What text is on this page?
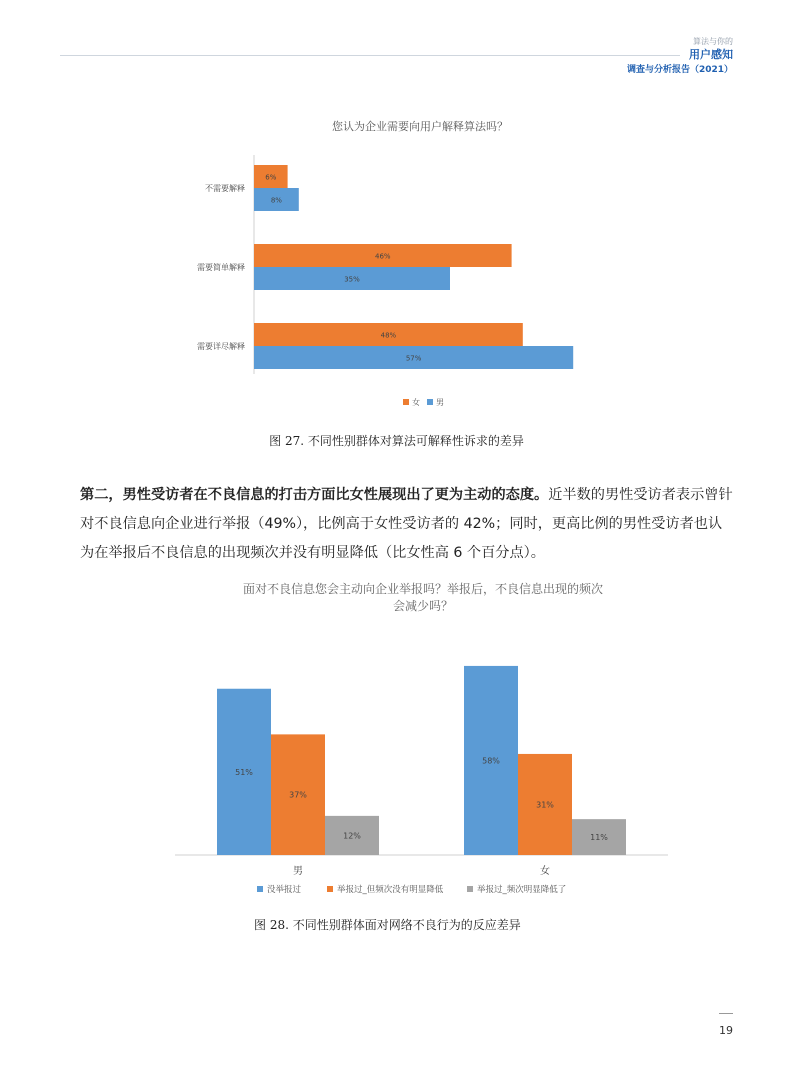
算法与你的
用户感知
调查与分析报告（2021）
您认为企业需要向用户解释算法吗？
不需要解释
6%
8%
需要简单解释
46%
35%
需要详尽解释
48%
57%
女 男
图 27. 不同性别群体对算法可解释性诉求的差异

第二，男性受访者在不良信息的打击方面比女性展现出了更为主动的态度。近半数的男性受访者表示曾针对不良信息向企业进行举报（49%），比例高于女性受访者的 42%；同时，更高比例的男性受访者也认为在举报后不良信息的出现频次并没有明显降低（比女性高 6 个百分点）。

面对不良信息您会主动向企业举报吗？举报后，不良信息出现的频次
会减少吗？
51%
37%
12%
男
58%
31%
11%
女
没举报过	举报过_但频次没有明显降低	举报过_频次明显降低了
图 28. 不同性别群体面对网络不良行为的反应差异
19
